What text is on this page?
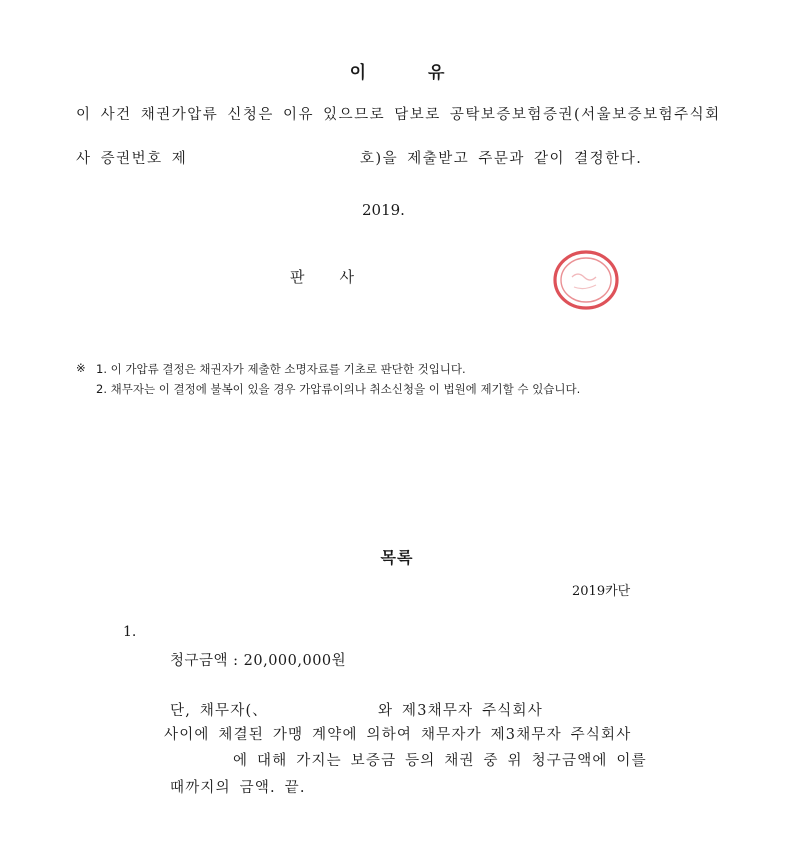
이	유
이 사건 채권가압류 신청은 이유 있으므로 담보로 공탁보증보험증권(서울보증보험주식회
사 증권번호 제	호)을 제출받고 주문과 같이 결정한다.
2019.
판 사
※ 1. 이 가압류 결정은 채권자가 제출한 소명자료를 기초로 판단한 것입니다.
2. 채무자는 이 결정에 불복이 있을 경우 가압류이의나 취소신청을 이 법원에 제기할 수 있습니다.
목록
2019카단
1.
청구금액 : 20,000,000원
단, 채무자(、	와 제3채무자 주식회사
사이에 체결된 가맹 계약에 의하여 채무자가 제3채무자 주식회사
에 대해 가지는 보증금 등의 채권 중 위 청구금액에 이를
때까지의 금액. 끝.
